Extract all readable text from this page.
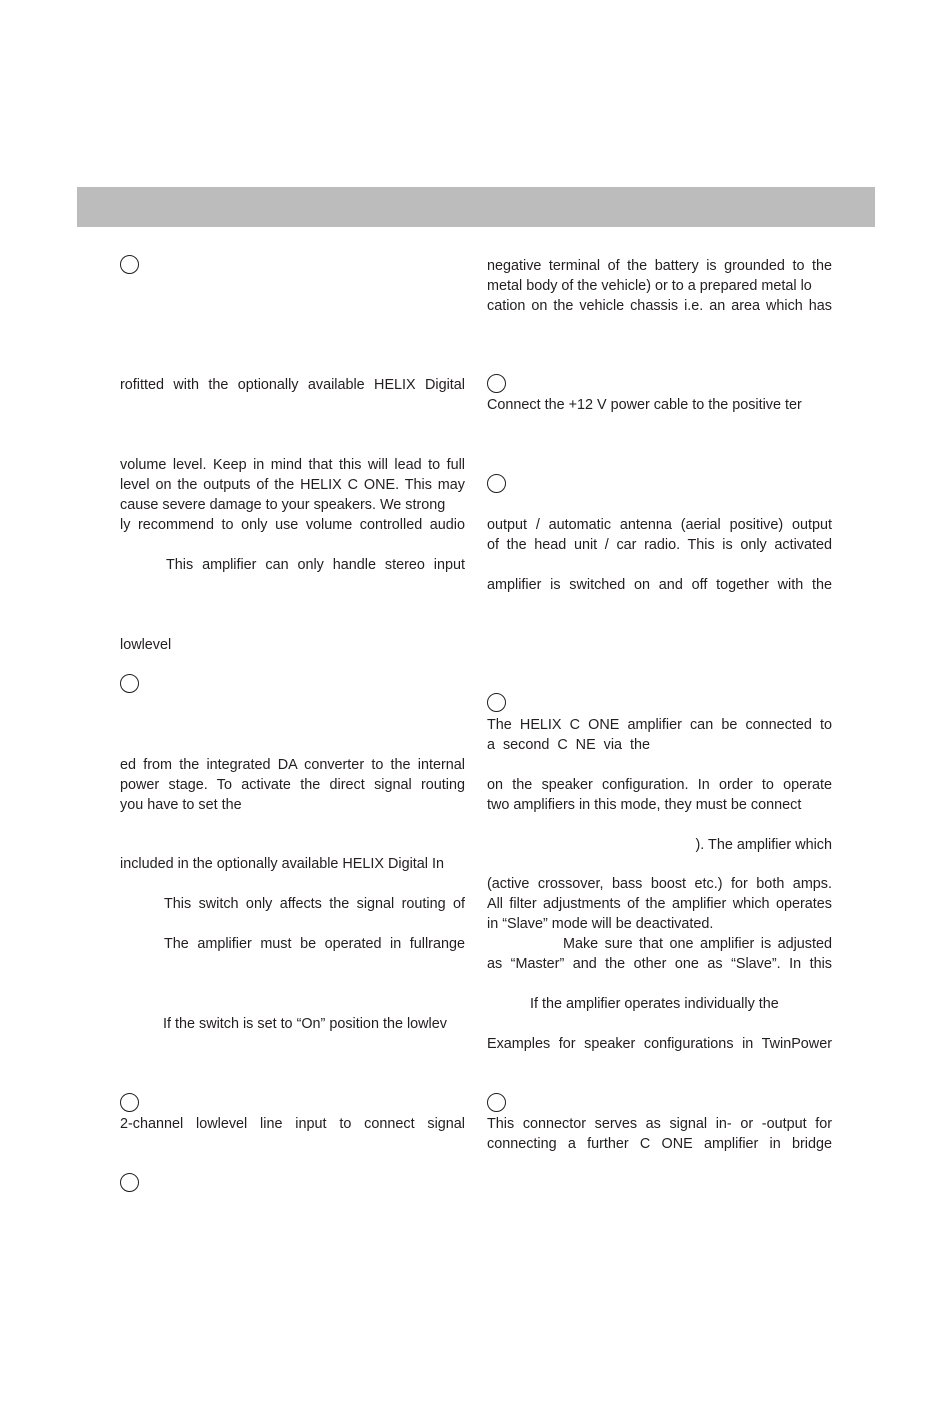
rofitted with the optionally available HELIX Digital
volume level. Keep in mind that this will lead to full
level on the outputs of the HELIX C ONE. This may
cause severe damage to your speakers. We strong
ly recommend to only use volume controlled audio
This amplifier can only handle stereo input
lowlevel
ed from the integrated DA converter to the internal
power stage. To activate the direct signal routing
you have to set the
included in the optionally available HELIX Digital In
This switch only affects the signal routing of
The amplifier must be operated in fullrange
If the switch is set to “On” position the lowlev
2-channel lowlevel line input to connect signal
negative terminal of the battery is grounded to the
metal body of the vehicle) or to a prepared metal lo
cation on the vehicle chassis i.e. an area which has
Connect the +12 V power cable to the positive ter
output / automatic antenna (aerial positive) output
of the head unit / car radio. This is only activated
amplifier is switched on and off together with the
The HELIX C ONE amplifier can be connected to
a second C NE via the
on the speaker configuration. In order to operate
two amplifiers in this mode, they must be connect
). The amplifier which
(active crossover, bass boost etc.) for both amps.
All filter adjustments of the amplifier which operates
in “Slave” mode will be deactivated.
Make sure that one amplifier is adjusted
as “Master” and the other one as “Slave”. In this
If the amplifier operates individually the
Examples for speaker configurations in TwinPower
This connector serves as signal in- or -output for
connecting a further C ONE amplifier in bridge
